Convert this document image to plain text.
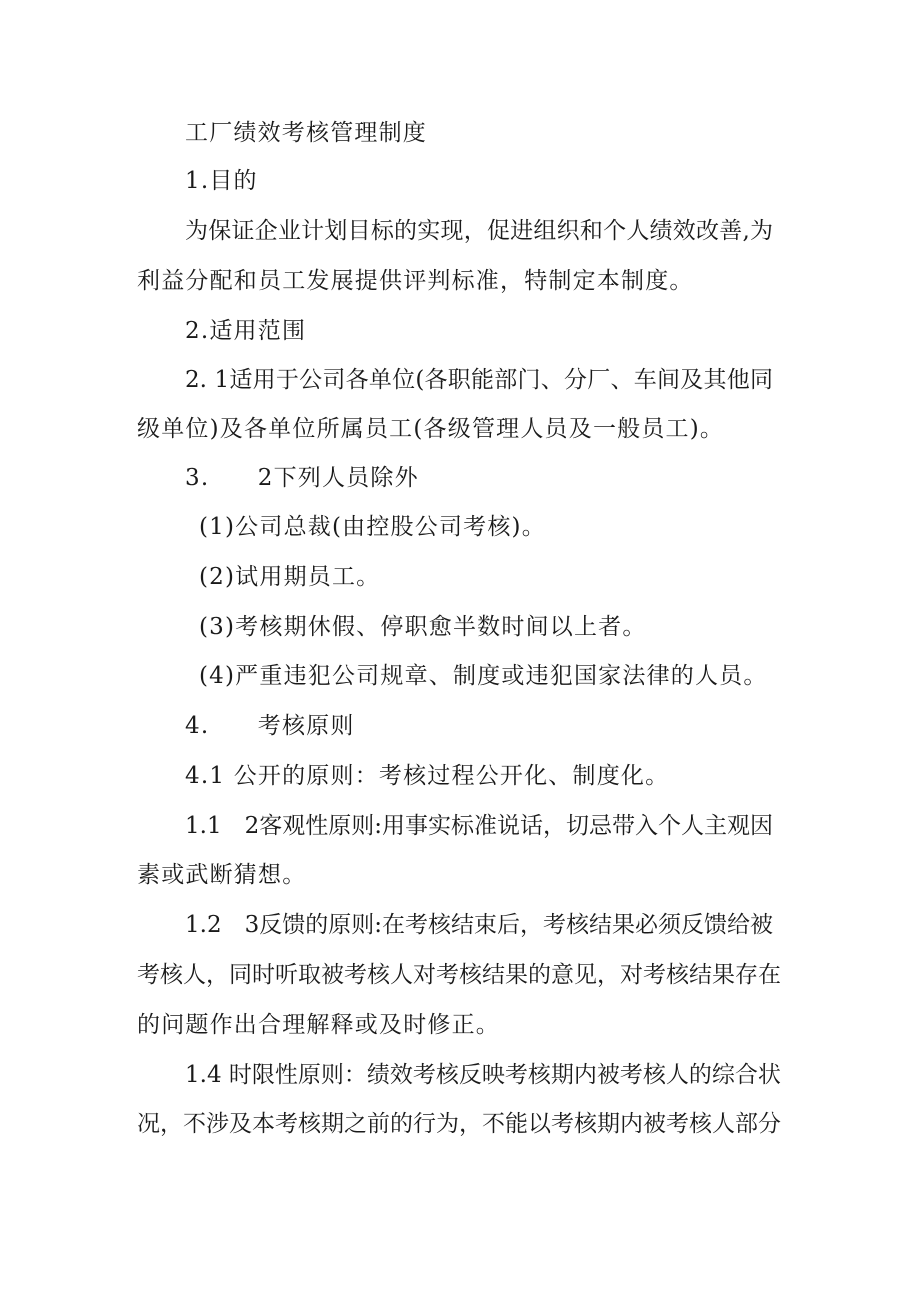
工厂绩效考核管理制度
1.目的
为保证企业计划目标的实现，促进组织和个人绩效改善,为
利益分配和员工发展提供评判标准，特制定本制度。
2.适用范围
2. 1适用于公司各单位(各职能部门、分厂、车间及其他同
级单位)及各单位所属员工(各级管理人员及一般员工)。
3.　　2下列人员除外
(1)公司总裁(由控股公司考核)。
(2)试用期员工。
(3)考核期休假、停职愈半数时间以上者。
(4)严重违犯公司规章、制度或违犯国家法律的人员。
4.　　考核原则
4.1 公开的原则：考核过程公开化、制度化。
1.1　2客观性原则:用事实标准说话，切忌带入个人主观因
素或武断猜想。
1.2　3反馈的原则:在考核结束后，考核结果必须反馈给被
考核人，同时听取被考核人对考核结果的意见，对考核结果存在
的问题作出合理解释或及时修正。
1.4 时限性原则：绩效考核反映考核期内被考核人的综合状
况，不涉及本考核期之前的行为，不能以考核期内被考核人部分
